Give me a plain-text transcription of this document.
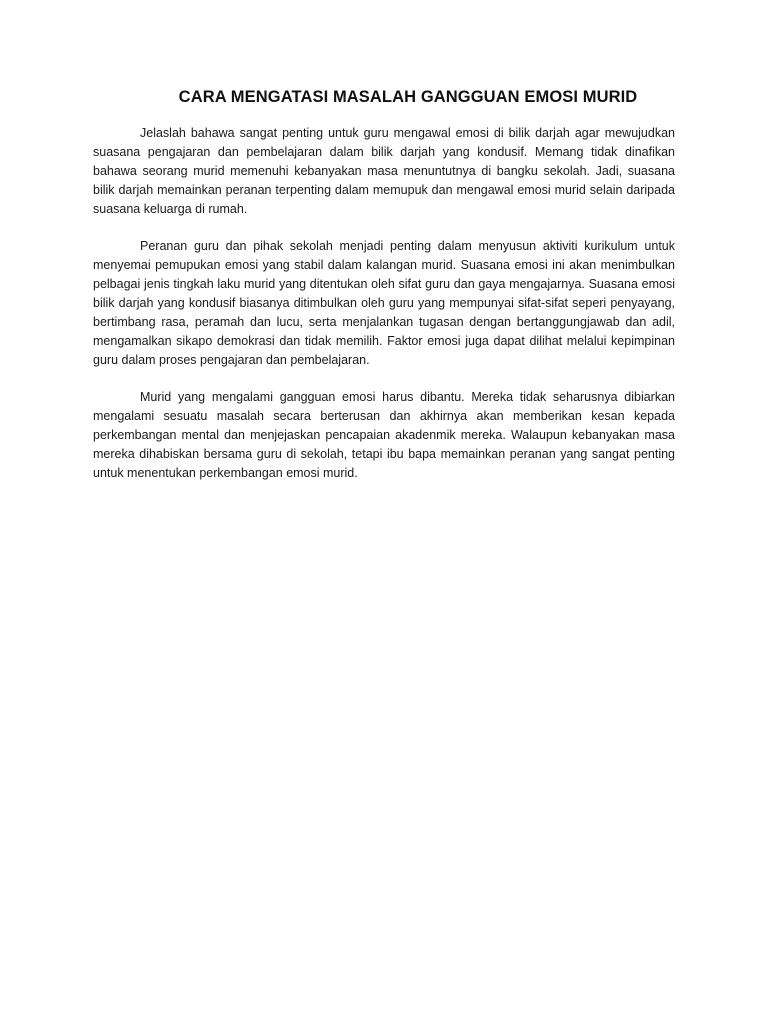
CARA MENGATASI MASALAH GANGGUAN EMOSI MURID

Jelaslah bahawa sangat penting untuk guru mengawal emosi di bilik darjah agar mewujudkan suasana pengajaran dan pembelajaran dalam bilik darjah yang kondusif. Memang tidak dinafikan bahawa seorang murid memenuhi kebanyakan masa menuntutnya di bangku sekolah. Jadi, suasana bilik darjah memainkan peranan terpenting dalam memupuk dan mengawal emosi murid selain daripada suasana keluarga di rumah.

Peranan guru dan pihak sekolah menjadi penting dalam menyusun aktiviti kurikulum untuk menyemai pemupukan emosi yang stabil dalam kalangan murid. Suasana emosi ini akan menimbulkan pelbagai jenis tingkah laku murid yang ditentukan oleh sifat guru dan gaya mengajarnya. Suasana emosi bilik darjah yang kondusif biasanya ditimbulkan oleh guru yang mempunyai sifat-sifat seperi penyayang, bertimbang rasa, peramah dan lucu, serta menjalankan tugasan dengan bertanggungjawab dan adil, mengamalkan sikapo demokrasi dan tidak memilih. Faktor emosi juga dapat dilihat melalui kepimpinan guru dalam proses pengajaran dan pembelajaran.

Murid yang mengalami gangguan emosi harus dibantu. Mereka tidak seharusnya dibiarkan mengalami sesuatu masalah secara berterusan dan akhirnya akan memberikan kesan kepada perkembangan mental dan menjejaskan pencapaian akadenmik mereka. Walaupun kebanyakan masa mereka dihabiskan bersama guru di sekolah, tetapi ibu bapa memainkan peranan yang sangat penting untuk menentukan perkembangan emosi murid.
